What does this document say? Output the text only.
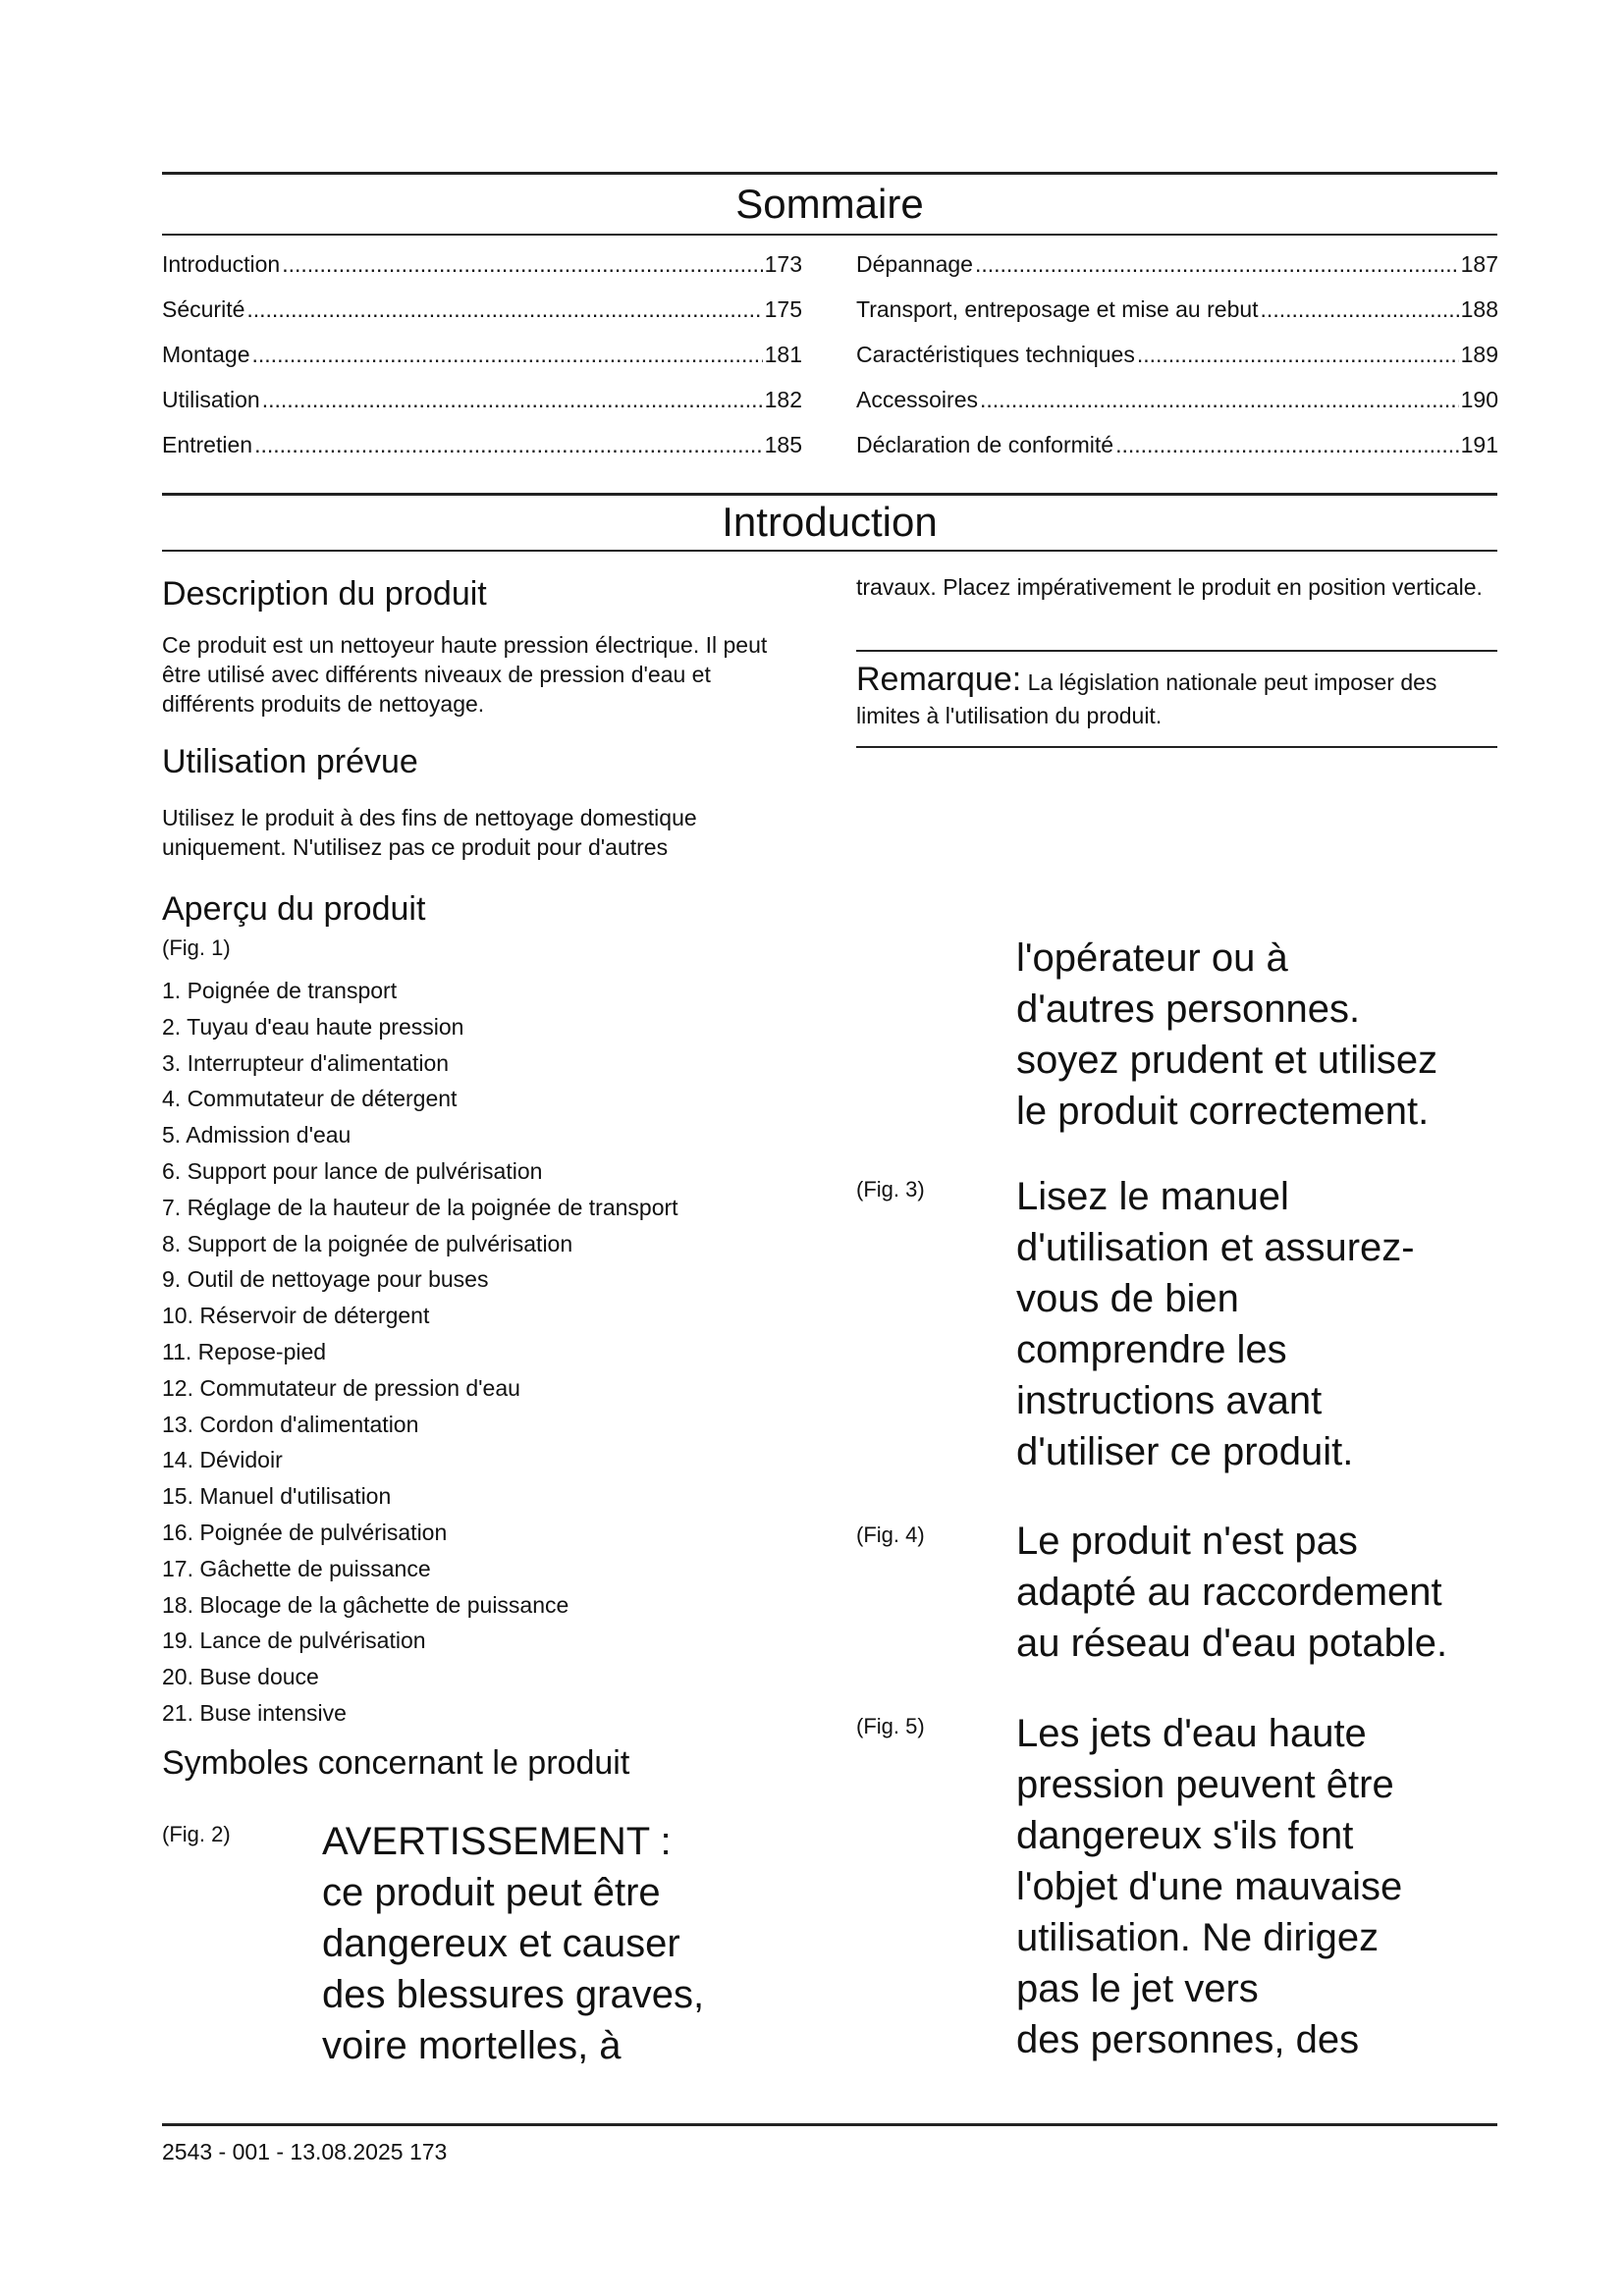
Sommaire
Introduction .....	173
Sécurité .....	175
Montage .....	181
Utilisation .....	182
Entretien .....	185
Dépannage .....	187
Transport, entreposage et mise au rebut .....	188
Caractéristiques techniques .....	189
Accessoires .....	190
Déclaration de conformité .....	191
Introduction
Description du produit
Ce produit est un nettoyeur haute pression électrique. Il peut être utilisé avec différents niveaux de pression d'eau et différents produits de nettoyage.
Utilisation prévue
Utilisez le produit à des fins de nettoyage domestique uniquement. N'utilisez pas ce produit pour d'autres
travaux. Placez impérativement le produit en position verticale.
Remarque: La législation nationale peut imposer des limites à l'utilisation du produit.
Aperçu du produit
(Fig. 1)
1. Poignée de transport
2. Tuyau d'eau haute pression
3. Interrupteur d'alimentation
4. Commutateur de détergent
5. Admission d'eau
6. Support pour lance de pulvérisation
7. Réglage de la hauteur de la poignée de transport
8. Support de la poignée de pulvérisation
9. Outil de nettoyage pour buses
10. Réservoir de détergent
11. Repose-pied
12. Commutateur de pression d'eau
13. Cordon d'alimentation
14. Dévidoir
15. Manuel d'utilisation
16. Poignée de pulvérisation
17. Gâchette de puissance
18. Blocage de la gâchette de puissance
19. Lance de pulvérisation
20. Buse douce
21. Buse intensive
Symboles concernant le produit
(Fig. 2) AVERTISSEMENT :
ce produit peut être
dangereux et causer
des blessures graves,
voire mortelles, à
l'opérateur ou à
d'autres personnes.
soyez prudent et utilisez
le produit correctement.
(Fig. 3) Lisez le manuel
d'utilisation et assurez-
vous de bien
comprendre les
instructions avant
d'utiliser ce produit.
(Fig. 4) Le produit n'est pas
adapté au raccordement
au réseau d'eau potable.
(Fig. 5) Les jets d'eau haute
pression peuvent être
dangereux s'ils font
l'objet d'une mauvaise
utilisation. Ne dirigez
pas le jet vers
des personnes, des
2543 - 001 - 13.08.2025 173
